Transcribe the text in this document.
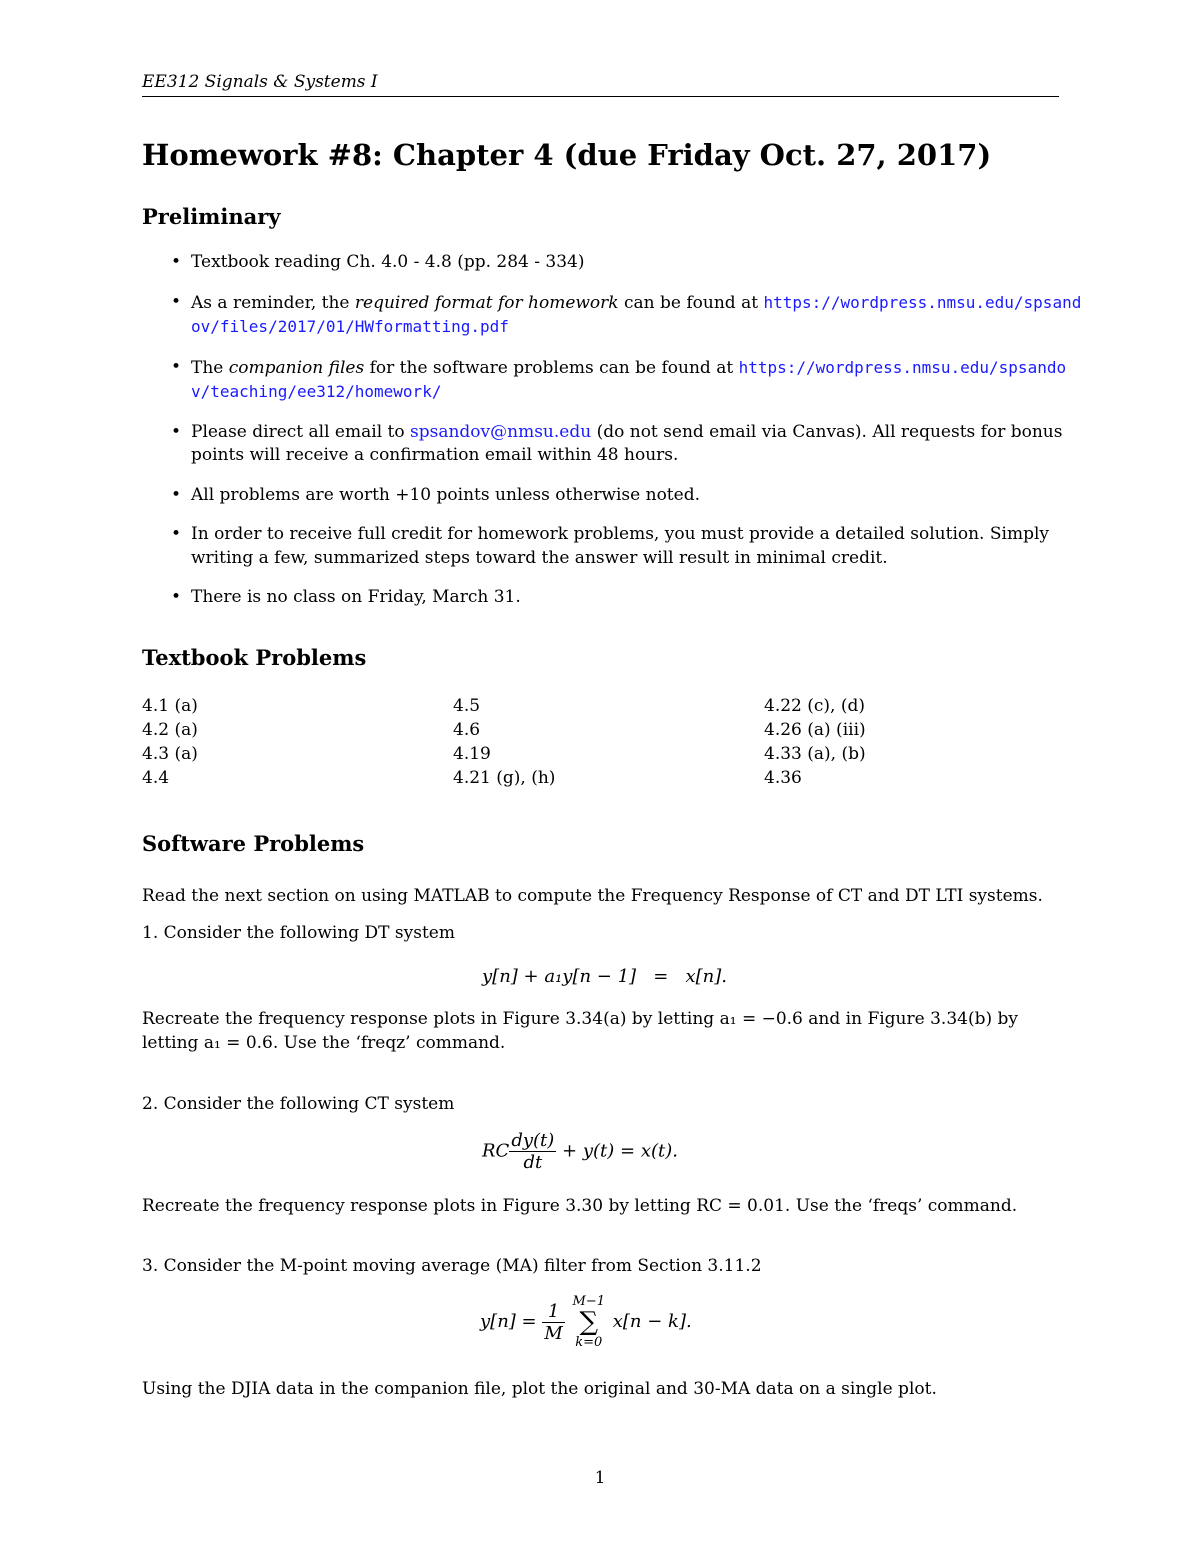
EE312 Signals & Systems I
Homework #8: Chapter 4 (due Friday Oct. 27, 2017)
Preliminary
• Textbook reading Ch. 4.0 - 4.8 (pp. 284 - 334)
• As a reminder, the required format for homework can be found at https://wordpress.nmsu.edu/spsandov/files/2017/01/HWformatting.pdf
• The companion files for the software problems can be found at https://wordpress.nmsu.edu/spsandov/teaching/ee312/homework/
• Please direct all email to spsandov@nmsu.edu (do not send email via Canvas). All requests for bonus points will receive a confirmation email within 48 hours.
• All problems are worth +10 points unless otherwise noted.
• In order to receive full credit for homework problems, you must provide a detailed solution. Simply writing a few, summarized steps toward the answer will result in minimal credit.
• There is no class on Friday, March 31.
Textbook Problems
4.1 (a)
4.2 (a)
4.3 (a)
4.4
4.5
4.6
4.19
4.21 (g), (h)
4.22 (c), (d)
4.26 (a) (iii)
4.33 (a), (b)
4.36
Software Problems
Read the next section on using MATLAB to compute the Frequency Response of CT and DT LTI systems.
1. Consider the following DT system
y[n] + a₁y[n − 1]   =   x[n].
Recreate the frequency response plots in Figure 3.34(a) by letting a₁ = −0.6 and in Figure 3.34(b) by letting a₁ = 0.6. Use the ‘freqz’ command.
2. Consider the following CT system
RC $\frac{dy(t)}{dt} + y(t) = x(t)$.
Recreate the frequency response plots in Figure 3.30 by letting RC = 0.01. Use the ‘freqs’ command.
3. Consider the M-point moving average (MA) filter from Section 3.11.2
$y[n] = \frac{1}{M}$
M−1
∑
k=0
x[n − k].
Using the DJIA data in the companion file, plot the original and 30-MA data on a single plot.
1
